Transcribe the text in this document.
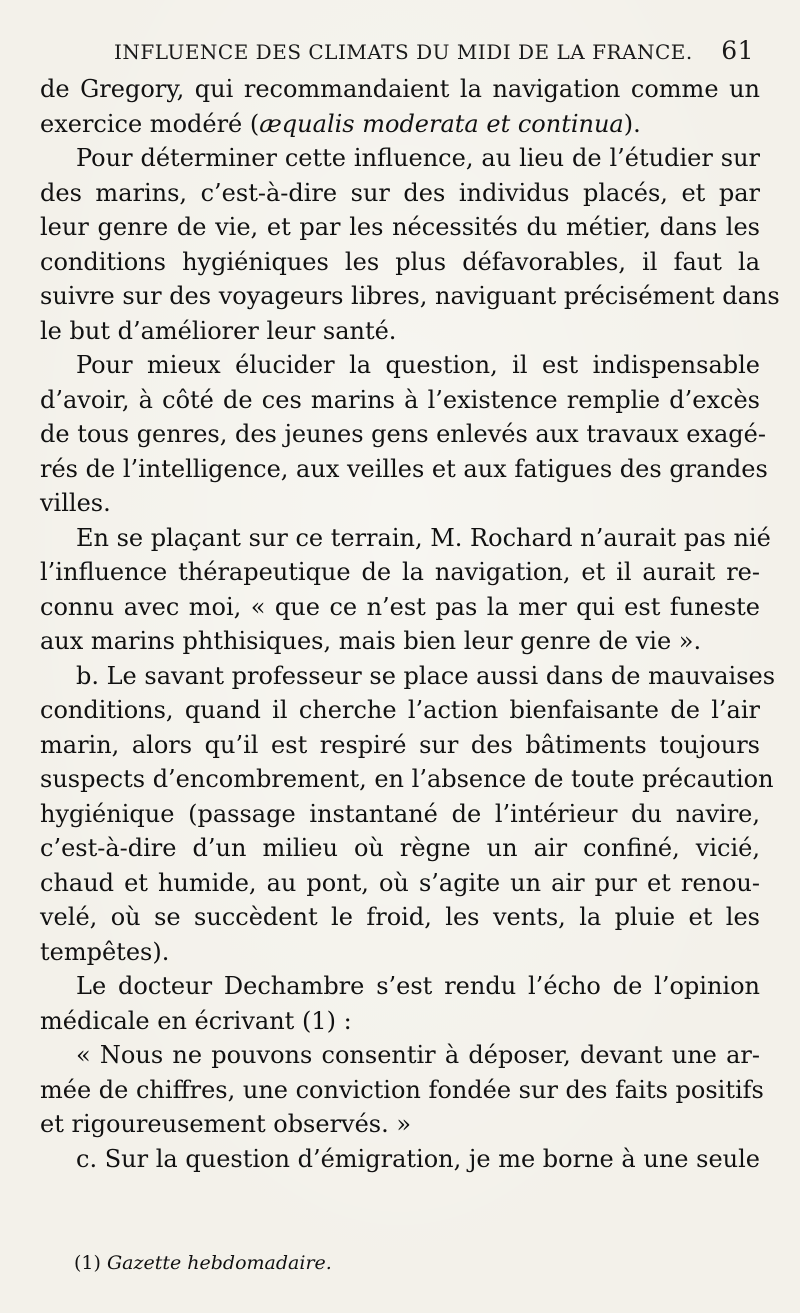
INFLUENCE DES CLIMATS DU MIDI DE LA FRANCE. 61
de Gregory, qui recommandaient la navigation comme un
exercice modéré (æqualis moderata et continua).
Pour déterminer cette influence, au lieu de l’étudier sur
des marins, c’est-à-dire sur des individus placés, et par
leur genre de vie, et par les nécessités du métier, dans les
conditions hygiéniques les plus défavorables, il faut la
suivre sur des voyageurs libres, naviguant précisément dans
le but d’améliorer leur santé.
Pour mieux élucider la question, il est indispensable
d’avoir, à côté de ces marins à l’existence remplie d’excès
de tous genres, des jeunes gens enlevés aux travaux exagé-
rés de l’intelligence, aux veilles et aux fatigues des grandes
villes.
En se plaçant sur ce terrain, M. Rochard n’aurait pas nié
l’influence thérapeutique de la navigation, et il aurait re-
connu avec moi, « que ce n’est pas la mer qui est funeste
aux marins phthisiques, mais bien leur genre de vie ».
b. Le savant professeur se place aussi dans de mauvaises
conditions, quand il cherche l’action bienfaisante de l’air
marin, alors qu’il est respiré sur des bâtiments toujours
suspects d’encombrement, en l’absence de toute précaution
hygiénique (passage instantané de l’intérieur du navire,
c’est-à-dire d’un milieu où règne un air confiné, vicié,
chaud et humide, au pont, où s’agite un air pur et renou-
velé, où se succèdent le froid, les vents, la pluie et les
tempêtes).
Le docteur Dechambre s’est rendu l’écho de l’opinion
médicale en écrivant (1) :
« Nous ne pouvons consentir à déposer, devant une ar-
mée de chiffres, une conviction fondée sur des faits positifs
et rigoureusement observés. »
c. Sur la question d’émigration, je me borne à une seule
(1) Gazette hebdomadaire.
